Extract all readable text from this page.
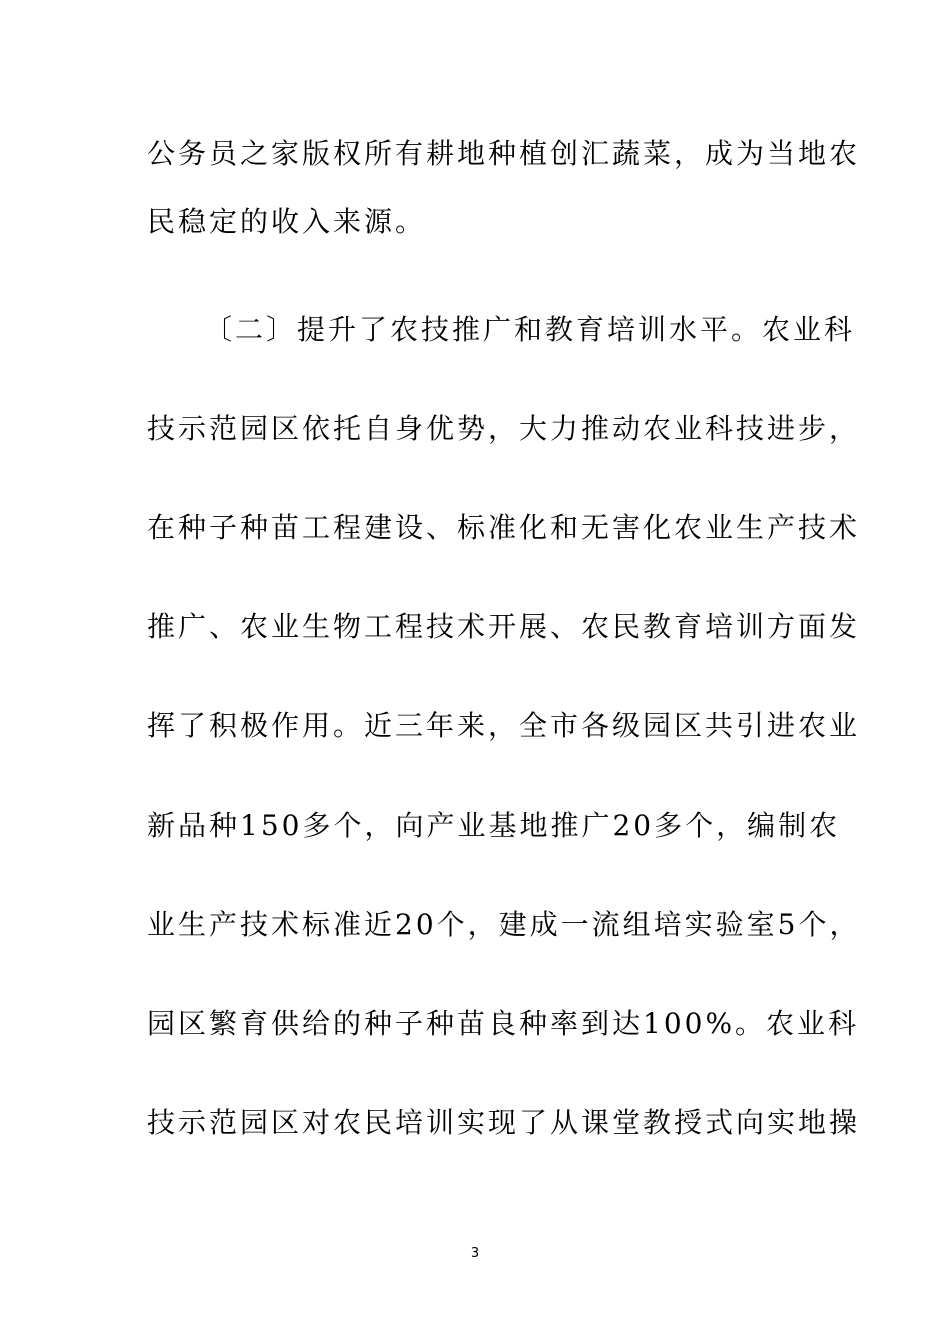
公务员之家版权所有耕地种植创汇蔬菜，成为当地农
民稳定的收入来源。
〔二〕提升了农技推广和教育培训水平。农业科
技示范园区依托自身优势，大力推动农业科技进步，
在种子种苗工程建设、标准化和无害化农业生产技术
推广、农业生物工程技术开展、农民教育培训方面发
挥了积极作用。近三年来，全市各级园区共引进农业
新品种150多个，向产业基地推广20多个，编制农
业生产技术标准近20个，建成一流组培实验室5个，
园区繁育供给的种子种苗良种率到达100%。农业科
技示范园区对农民培训实现了从课堂教授式向实地操
3
